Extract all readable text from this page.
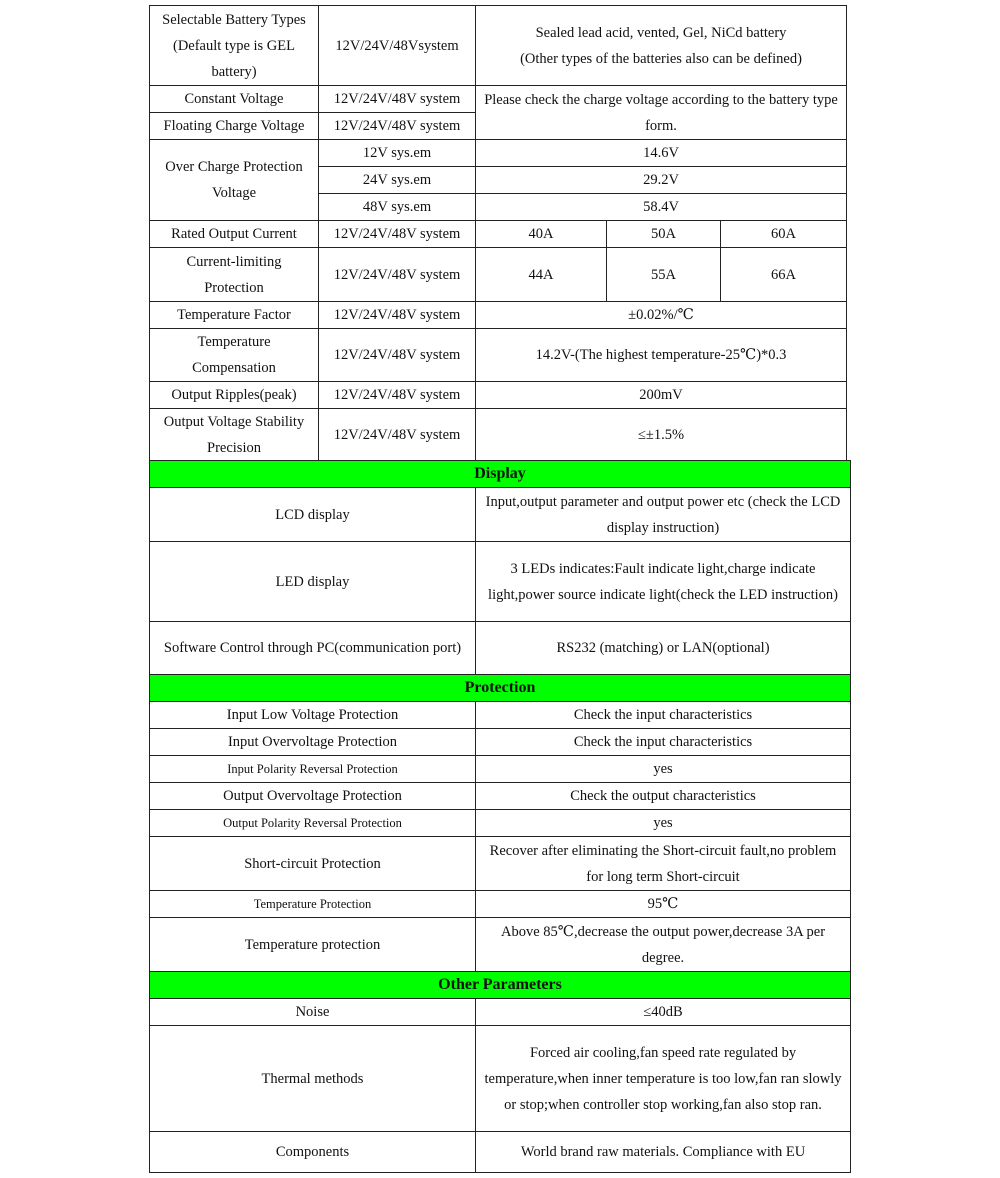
Selectable Battery Types (Default type is GEL battery)	12V/24V/48Vsystem	Sealed lead acid, vented, Gel, NiCd battery
(Other types of the batteries also can be defined)		
Constant Voltage	12V/24V/48V system	Please check the charge voltage according to the battery type form.		
Floating Charge Voltage	12V/24V/48V system			
Over Charge Protection Voltage	12V sys.em	14.6V		
	24V sys.em	29.2V		
	48V sys.em	58.4V		
Rated Output Current	12V/24V/48V system	40A	50A	60A
Current-limiting Protection	12V/24V/48V system	44A	55A	66A
Temperature Factor	12V/24V/48V system	±0.02%/℃		
Temperature Compensation	12V/24V/48V system	14.2V-(The highest temperature-25℃)*0.3		
Output Ripples(peak)	12V/24V/48V system	200mV		
Output Voltage Stability Precision	12V/24V/48V system	≤±1.5%		
Display	
LCD display	Input,output parameter and output power etc (check the LCD display instruction)
LED display	3 LEDs indicates:Fault indicate light,charge indicate light,power source indicate light(check the LED instruction)
Software Control through PC(communication port)	RS232 (matching) or LAN(optional)
Protection	
Input Low Voltage Protection	Check the input characteristics
Input Overvoltage Protection	Check the input characteristics
Input Polarity Reversal Protection	yes
Output Overvoltage Protection	Check the output characteristics
Output Polarity Reversal Protection	yes
Short-circuit Protection	Recover after eliminating the Short-circuit fault,no problem for long term Short-circuit
Temperature Protection	95℃
Temperature protection	Above 85℃,decrease the output power,decrease 3A per degree.
Other Parameters	
Noise	≤40dB
Thermal methods	Forced air cooling,fan speed rate regulated by temperature,when inner temperature is too low,fan ran slowly or stop;when controller stop working,fan also stop ran.
Components	World brand raw materials. Compliance with EU
